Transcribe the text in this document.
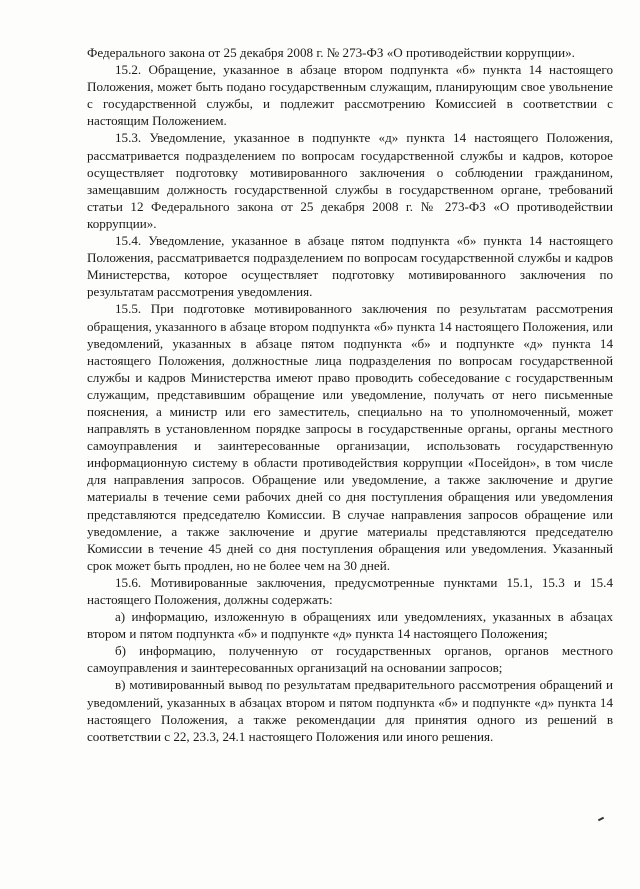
Федерального закона от 25 декабря 2008 г. № 273-ФЗ «О противодействии коррупции».

15.2. Обращение, указанное в абзаце втором подпункта «б» пункта 14 настоящего Положения, может быть подано государственным служащим, планирующим свое увольнение с государственной службы, и подлежит рассмотрению Комиссией в соответствии с настоящим Положением.

15.3. Уведомление, указанное в подпункте «д» пункта 14 настоящего Положения, рассматривается подразделением по вопросам государственной службы и кадров, которое осуществляет подготовку мотивированного заключения о соблюдении гражданином, замещавшим должность государственной службы в государственном органе, требований статьи 12 Федерального закона от 25 декабря 2008 г. № 273-ФЗ «О противодействии коррупции».

15.4. Уведомление, указанное в абзаце пятом подпункта «б» пункта 14 настоящего Положения, рассматривается подразделением по вопросам государственной службы и кадров Министерства, которое осуществляет подготовку мотивированного заключения по результатам рассмотрения уведомления.

15.5. При подготовке мотивированного заключения по результатам рассмотрения обращения, указанного в абзаце втором подпункта «б» пункта 14 настоящего Положения, или уведомлений, указанных в абзаце пятом подпункта «б» и подпункте «д» пункта 14 настоящего Положения, должностные лица подразделения по вопросам государственной службы и кадров Министерства имеют право проводить собеседование с государственным служащим, представившим обращение или уведомление, получать от него письменные пояснения, а министр или его заместитель, специально на то уполномоченный, может направлять в установленном порядке запросы в государственные органы, органы местного самоуправления и заинтересованные организации, использовать государственную информационную систему в области противодействия коррупции «Посейдон», в том числе для направления запросов. Обращение или уведомление, а также заключение и другие материалы в течение семи рабочих дней со дня поступления обращения или уведомления представляются председателю Комиссии. В случае направления запросов обращение или уведомление, а также заключение и другие материалы представляются председателю Комиссии в течение 45 дней со дня поступления обращения или уведомления. Указанный срок может быть продлен, но не более чем на 30 дней.

15.6. Мотивированные заключения, предусмотренные пунктами 15.1, 15.3 и 15.4 настоящего Положения, должны содержать:

а) информацию, изложенную в обращениях или уведомлениях, указанных в абзацах втором и пятом подпункта «б» и подпункте «д» пункта 14 настоящего Положения;

б) информацию, полученную от государственных органов, органов местного самоуправления и заинтересованных организаций на основании запросов;

в) мотивированный вывод по результатам предварительного рассмотрения обращений и уведомлений, указанных в абзацах втором и пятом подпункта «б» и подпункте «д» пункта 14 настоящего Положения, а также рекомендации для принятия одного из решений в соответствии с 22, 23.3, 24.1 настоящего Положения или иного решения.
